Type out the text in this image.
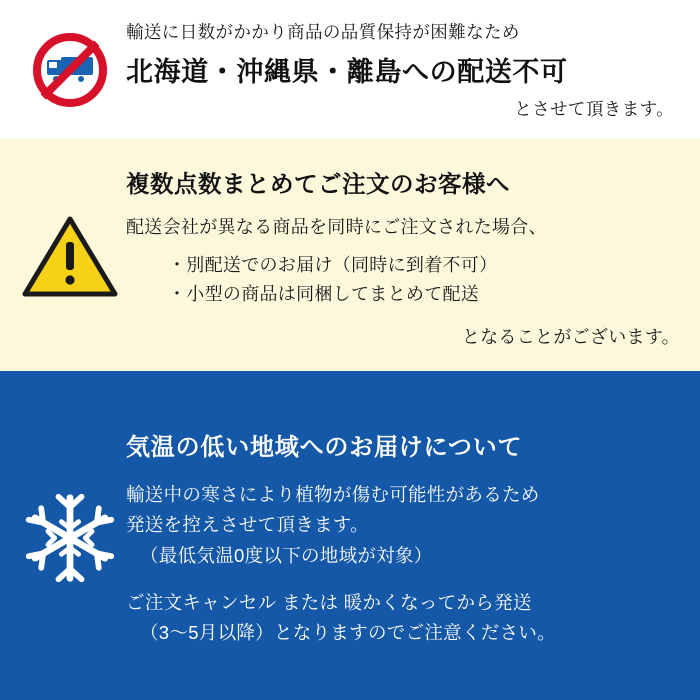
輸送に日数がかかり商品の品質保持が困難なため
北海道・沖縄県・離島への配送不可
とさせて頂きます。
複数点数まとめてご注文のお客様へ
配送会社が異なる商品を同時にご注文された場合、
・別配送でのお届け（同時に到着不可）
・小型の商品は同梱してまとめて配送
となることがございます。
気温の低い地域へのお届けについて
輸送中の寒さにより植物が傷む可能性があるため
発送を控えさせて頂きます。
（最低気温0度以下の地域が対象）
ご注文キャンセル または 暖かくなってから発送
（3〜5月以降）となりますのでご注意ください。
